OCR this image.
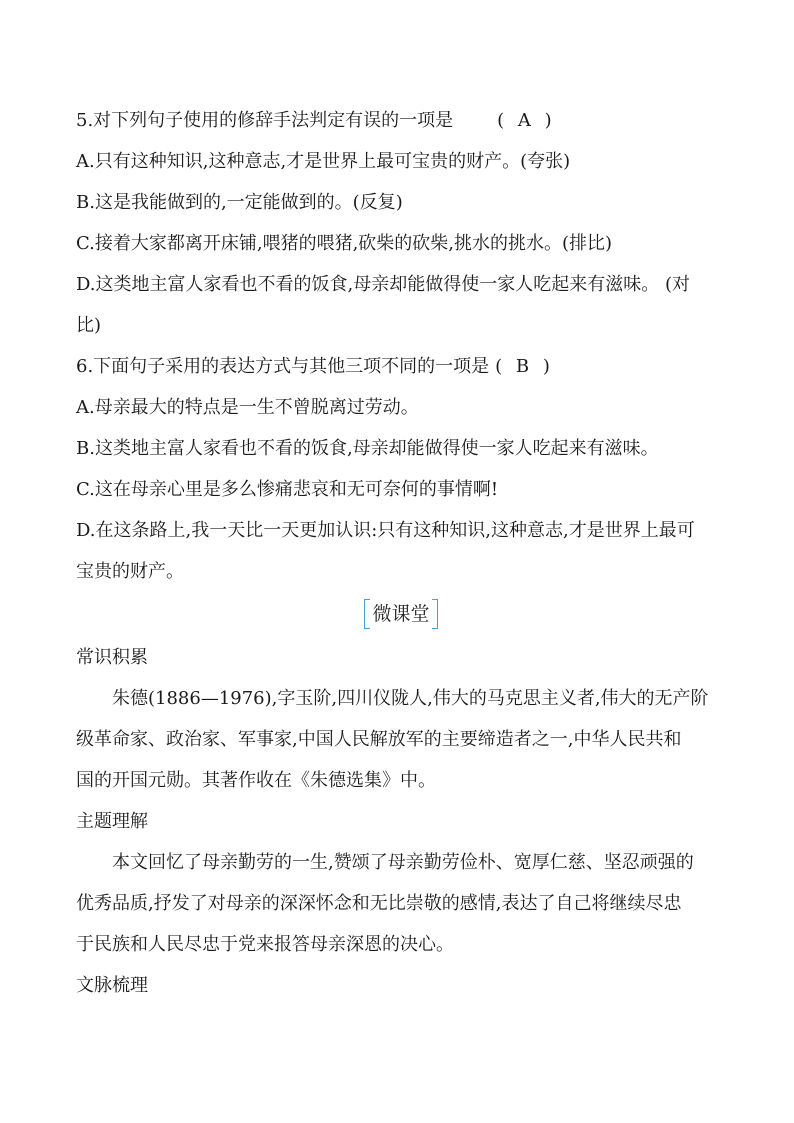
5.对下列句子使用的修辞手法判定有误的一项是 ( A )
A.只有这种知识,这种意志,才是世界上最可宝贵的财产。(夸张)
B.这是我能做到的,一定能做到的。(反复)
C.接着大家都离开床铺,喂猪的喂猪,砍柴的砍柴,挑水的挑水。(排比)
D.这类地主富人家看也不看的饭食,母亲却能做得使一家人吃起来有滋味。 (对
比)
6.下面句子采用的表达方式与其他三项不同的一项是 ( B )
A.母亲最大的特点是一生不曾脱离过劳动。
B.这类地主富人家看也不看的饭食,母亲却能做得使一家人吃起来有滋味。
C.这在母亲心里是多么惨痛悲哀和无可奈何的事情啊!
D.在这条路上,我一天比一天更加认识:只有这种知识,这种意志,才是世界上最可
宝贵的财产。
微课堂
常识积累
朱德(1886—1976),字玉阶,四川仪陇人,伟大的马克思主义者,伟大的无产阶
级革命家、政治家、军事家,中国人民解放军的主要缔造者之一,中华人民共和
国的开国元勋。其著作收在《朱德选集》中。
主题理解
本文回忆了母亲勤劳的一生,赞颂了母亲勤劳俭朴、宽厚仁慈、坚忍顽强的
优秀品质,抒发了对母亲的深深怀念和无比崇敬的感情,表达了自己将继续尽忠
于民族和人民尽忠于党来报答母亲深恩的决心。
文脉梳理
